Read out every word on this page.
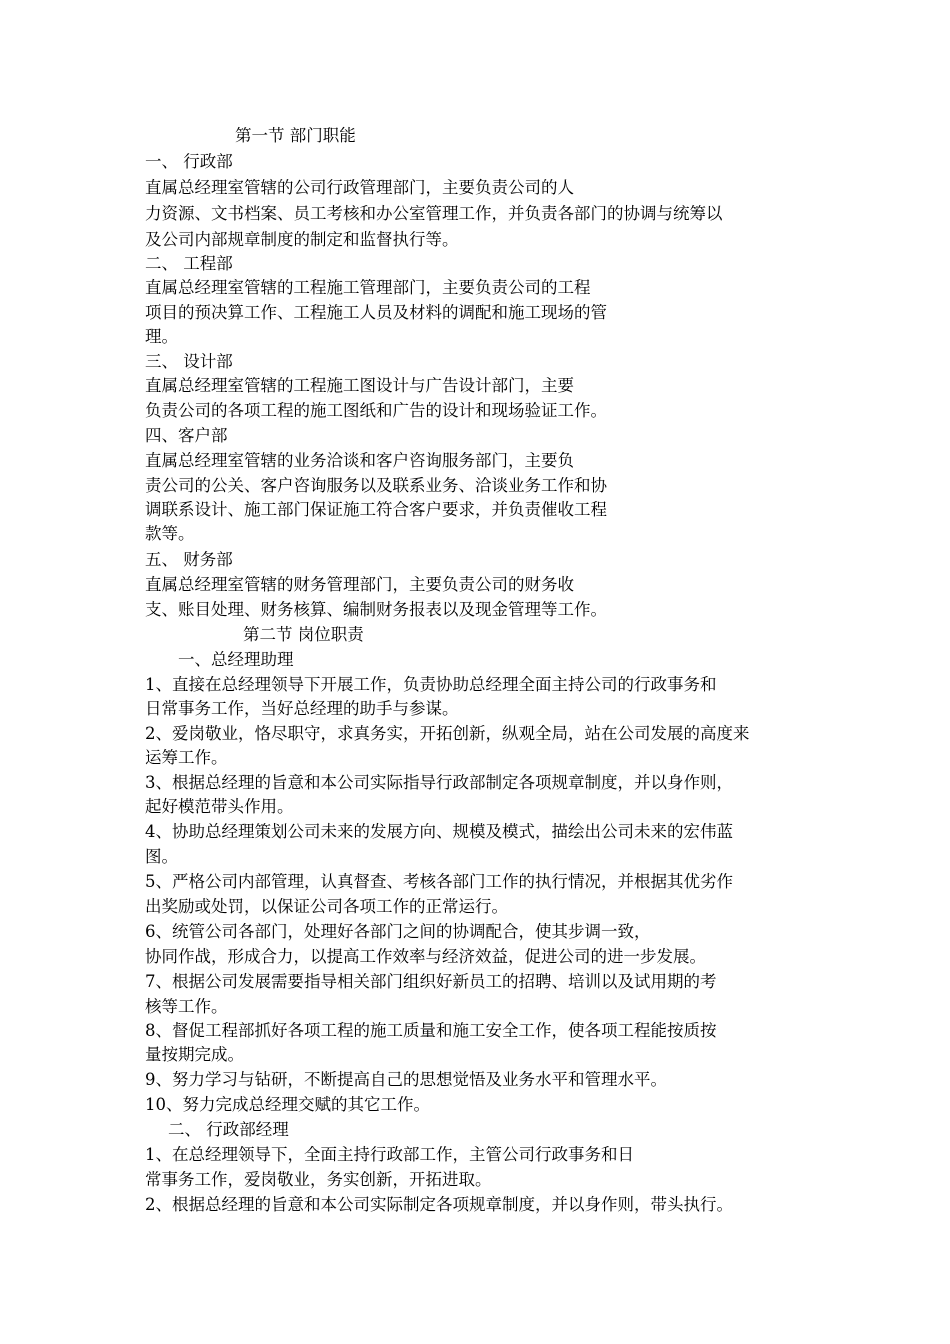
第一节 部门职能
一、 行政部
直属总经理室管辖的公司行政管理部门，主要负责公司的人
力资源、文书档案、员工考核和办公室管理工作，并负责各部门的协调与统筹以
及公司内部规章制度的制定和监督执行等。
二、 工程部
直属总经理室管辖的工程施工管理部门，主要负责公司的工程
项目的预决算工作、工程施工人员及材料的调配和施工现场的管
理。
三、 设计部
直属总经理室管辖的工程施工图设计与广告设计部门，主要
负责公司的各项工程的施工图纸和广告的设计和现场验证工作。
四、客户部
直属总经理室管辖的业务洽谈和客户咨询服务部门，主要负
责公司的公关、客户咨询服务以及联系业务、洽谈业务工作和协
调联系设计、施工部门保证施工符合客户要求，并负责催收工程
款等。
五、 财务部
直属总经理室管辖的财务管理部门，主要负责公司的财务收
支、账目处理、财务核算、编制财务报表以及现金管理等工作。
第二节 岗位职责
一、总经理助理
1、直接在总经理领导下开展工作，负责协助总经理全面主持公司的行政事务和
日常事务工作，当好总经理的助手与参谋。
2、爱岗敬业，恪尽职守，求真务实，开拓创新，纵观全局，站在公司发展的高度来
运筹工作。
3、根据总经理的旨意和本公司实际指导行政部制定各项规章制度，并以身作则，
起好模范带头作用。
4、协助总经理策划公司未来的发展方向、规模及模式，描绘出公司未来的宏伟蓝
图。
5、严格公司内部管理，认真督查、考核各部门工作的执行情况，并根据其优劣作
出奖励或处罚，以保证公司各项工作的正常运行。
6、统管公司各部门，处理好各部门之间的协调配合，使其步调一致，
协同作战，形成合力，以提高工作效率与经济效益，促进公司的进一步发展。
7、根据公司发展需要指导相关部门组织好新员工的招聘、培训以及试用期的考
核等工作。
8、督促工程部抓好各项工程的施工质量和施工安全工作，使各项工程能按质按
量按期完成。
9、努力学习与钻研，不断提高自己的思想觉悟及业务水平和管理水平。
10、努力完成总经理交赋的其它工作。
二、 行政部经理
1、在总经理领导下，全面主持行政部工作，主管公司行政事务和日
常事务工作，爱岗敬业，务实创新，开拓进取。
2、根据总经理的旨意和本公司实际制定各项规章制度，并以身作则，带头执行。
